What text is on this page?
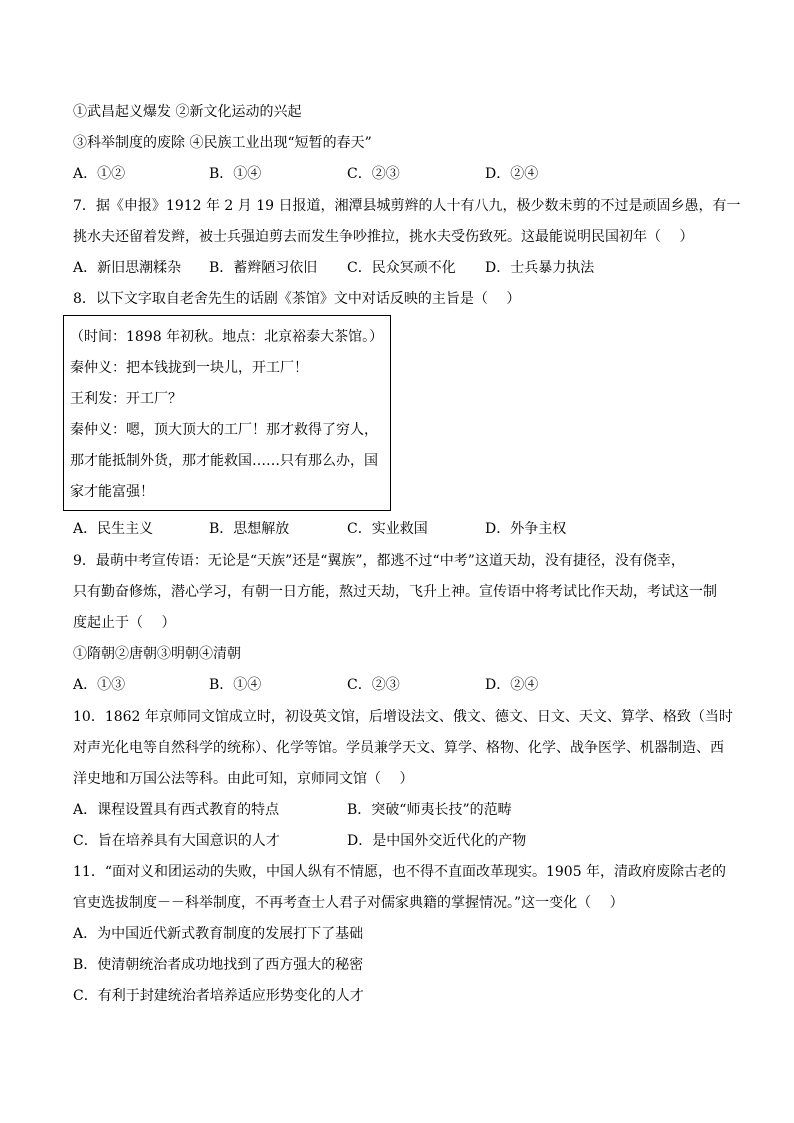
①武昌起义爆发 ②新文化运动的兴起
③科举制度的废除 ④民族工业出现“短暂的春天”
A．①②	B．①④	C．②③	D．②④
7．据《申报》1912 年 2 月 19 日报道，湘潭县城剪辫的人十有八九，极少数未剪的不过是顽固乡愚，有一
挑水夫还留着发辫，被士兵强迫剪去而发生争吵推拉，挑水夫受伤致死。这最能说明民国初年（　 ）
A．新旧思潮糅杂 B．蓄辫陋习依旧 C．民众冥顽不化 D．士兵暴力执法
8．以下文字取自老舍先生的话剧《茶馆》文中对话反映的主旨是（　 ）
（时间：1898 年初秋。地点：北京裕泰大茶馆。）
秦仲义：把本钱拢到一块儿，开工厂！
王利发：开工厂？
秦仲义：嗯，顶大顶大的工厂！那才救得了穷人，
那才能抵制外货，那才能救国……只有那么办，国
家才能富强！
A．民生主义	B．思想解放	C．实业救国	D．外争主权
9．最萌中考宣传语：无论是“天族”还是“翼族”，都逃不过“中考”这道天劫，没有捷径，没有侥幸，
只有勤奋修炼，潜心学习，有朝一日方能，熬过天劫，飞升上神。宣传语中将考试比作天劫，考试这一制
度起止于（　 ）
①隋朝②唐朝③明朝④清朝
A．①③	B．①④	C．②③	D．②④
10．1862 年京师同文馆成立时，初设英文馆，后增设法文、俄文、德文、日文、天文、算学、格致（当时
对声光化电等自然科学的统称）、化学等馆。学员兼学天文、算学、格物、化学、战争医学、机器制造、西
洋史地和万国公法等科。由此可知，京师同文馆（　 ）
A．课程设置具有西式教育的特点	B．突破“师夷长技”的范畴
C．旨在培养具有大国意识的人才	D．是中国外交近代化的产物
11．“面对义和团运动的失败，中国人纵有不情愿，也不得不直面改革现实。1905 年，清政府废除古老的
官吏选拔制度－－科举制度，不再考查士人君子对儒家典籍的掌握情况。”这一变化（　 ）
A．为中国近代新式教育制度的发展打下了基础
B．使清朝统治者成功地找到了西方强大的秘密
C．有利于封建统治者培养适应形势变化的人才
